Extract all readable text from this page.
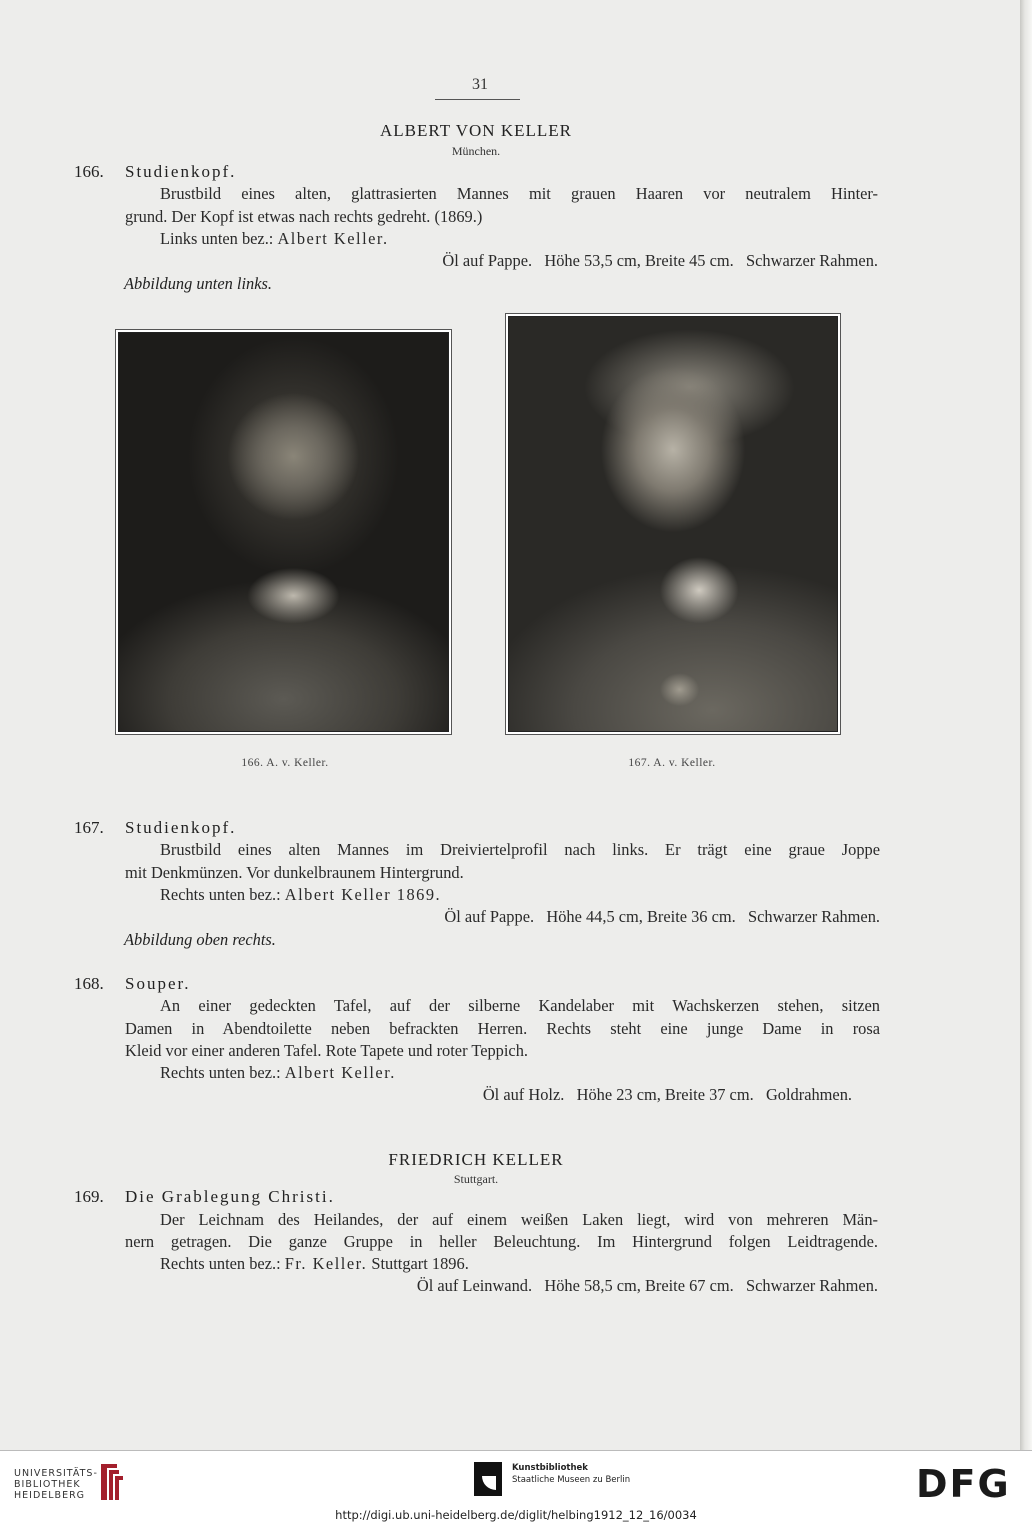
31
ALBERT VON KELLER
München.
166. Studienkopf.
Brustbild eines alten, glattrasierten Mannes mit grauen Haaren vor neutralem Hinter-
grund. Der Kopf ist etwas nach rechts gedreht. (1869.)
Links unten bez.: Albert Keller.
Öl auf Pappe.   Höhe 53,5 cm, Breite 45 cm.   Schwarzer Rahmen.
Abbildung unten links.
166. A. v. Keller.	167. A. v. Keller.
167. Studienkopf.
Brustbild eines alten Mannes im Dreiviertelprofil nach links. Er trägt eine graue Joppe
mit Denkmünzen. Vor dunkelbraunem Hintergrund.
Rechts unten bez.: Albert Keller 1869.
Öl auf Pappe.   Höhe 44,5 cm, Breite 36 cm.   Schwarzer Rahmen.
Abbildung oben rechts.
168. Souper.
An einer gedeckten Tafel, auf der silberne Kandelaber mit Wachskerzen stehen, sitzen
Damen in Abendtoilette neben befrackten Herren. Rechts steht eine junge Dame in rosa
Kleid vor einer anderen Tafel. Rote Tapete und roter Teppich.
Rechts unten bez.: Albert Keller.
Öl auf Holz.   Höhe 23 cm, Breite 37 cm.   Goldrahmen.
FRIEDRICH KELLER
Stuttgart.
169. Die Grablegung Christi.
Der Leichnam des Heilandes, der auf einem weißen Laken liegt, wird von mehreren Män-
nern getragen. Die ganze Gruppe in heller Beleuchtung. Im Hintergrund folgen Leidtragende.
Rechts unten bez.: Fr. Keller. Stuttgart 1896.
Öl auf Leinwand.   Höhe 58,5 cm, Breite 67 cm.   Schwarzer Rahmen.
UNIVERSITÄTS-
BIBLIOTHEK
HEIDELBERG
Kunstbibliothek
Staatliche Museen zu Berlin	DFG
http://digi.ub.uni-heidelberg.de/diglit/helbing1912_12_16/0034
